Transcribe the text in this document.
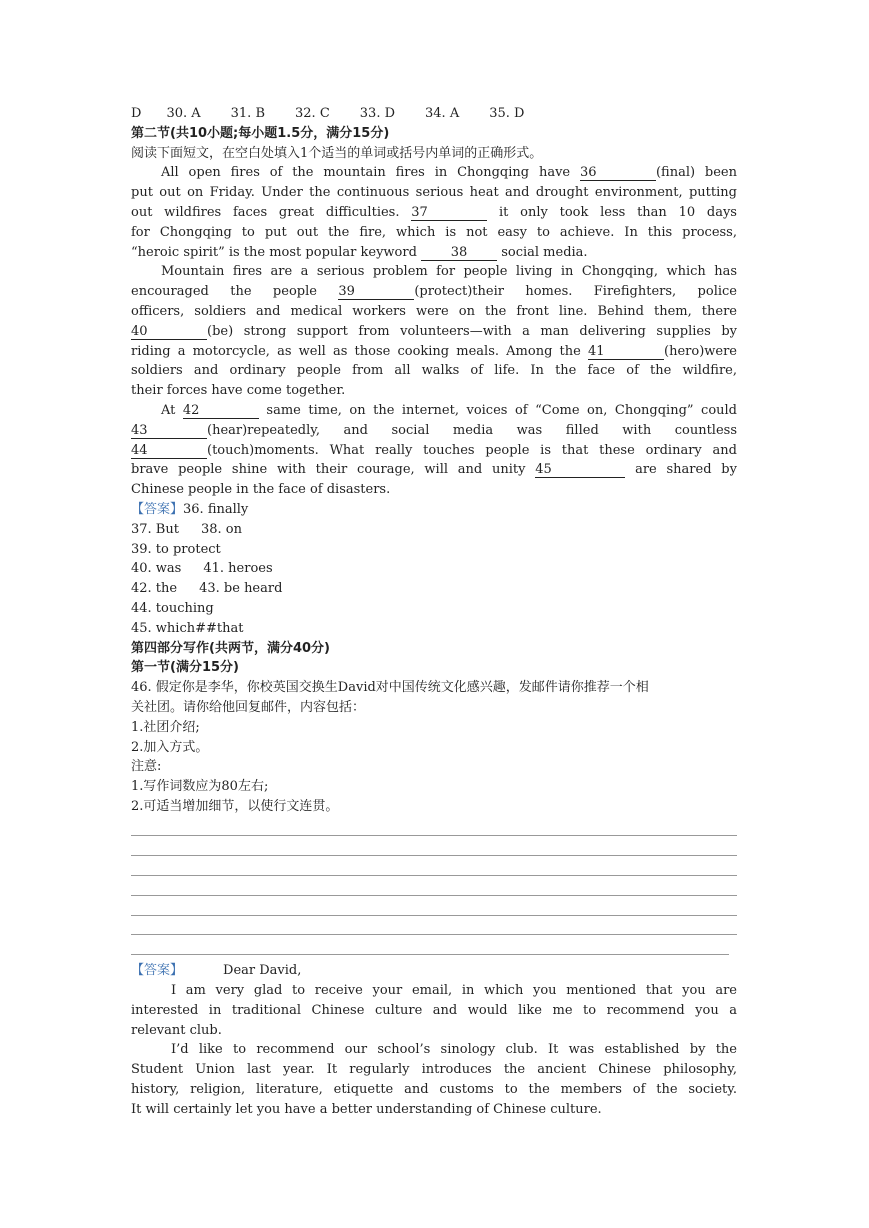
D 30. A 31. B 32. C 33. D 34. A 35. D
第二节(共10小题;每小题1.5分，满分15分)
阅读下面短文，在空白处填入1个适当的单词或括号内单词的正确形式。
All open fires of the mountain fires in Chongqing have 36	(final) been
put out on Friday. Under the continuous serious heat and drought environment, putting
out wildfires faces great difficulties. 37	it only took less than 10 days
for Chongqing to put out the fire, which is not easy to achieve. In this process,
“heroic spirit” is the most popular keyword	38	social media.
Mountain fires are a serious problem for people living in Chongqing, which has
encouraged the people 39	(protect)their homes. Firefighters, police
officers, soldiers and medical workers were on the front line. Behind them, there
40	(be) strong support from volunteers—with a man delivering supplies by
riding a motorcycle, as well as those cooking meals. Among the 41	(hero)were
soldiers and ordinary people from all walks of life. In the face of the wildfire,
their forces have come together.
At 42	same time, on the internet, voices of “Come on, Chongqing” could
43	(hear)repeatedly, and social media was filled with countless
44	(touch)moments. What really touches people is that these ordinary and
brave people shine with their courage, will and unity 45	are shared by
Chinese people in the face of disasters.
【答案】36. finally
37. But 38. on
39. to protect
40. was 41. heroes
42. the 43. be heard
44. touching
45. which##that
第四部分写作(共两节，满分40分)
第一节(满分15分)
46. 假定你是李华，你校英国交换生David对中国传统文化感兴趣，发邮件请你推荐一个相
关社团。请你给他回复邮件，内容包括：
1.社团介绍;
2.加入方式。
注意:
1.写作词数应为80左右;
2.可适当增加细节，以使行文连贯。
【答案】	Dear David,
I am very glad to receive your email, in which you mentioned that you are
interested in traditional Chinese culture and would like me to recommend you a
relevant club.
I’d like to recommend our school’s sinology club. It was established by the
Student Union last year. It regularly introduces the ancient Chinese philosophy,
history, religion, literature, etiquette and customs to the members of the society.
It will certainly let you have a better understanding of Chinese culture.
